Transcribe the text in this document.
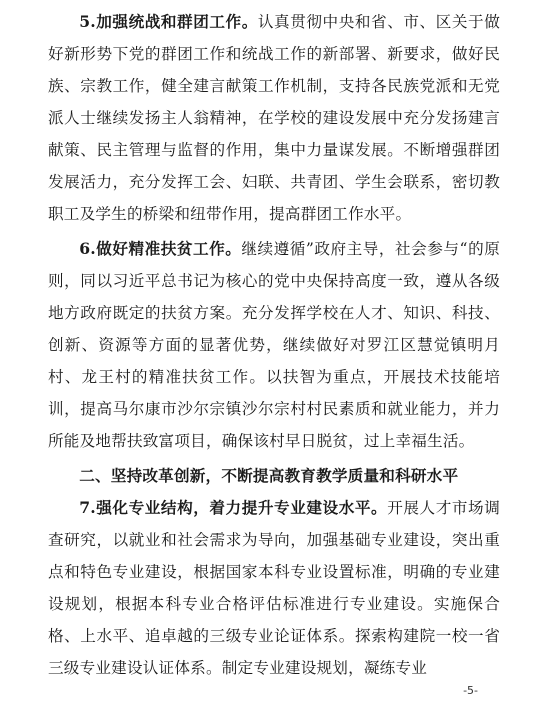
5.加强统战和群团工作。认真贯彻中央和省、市、区关于做好新形势下党的群团工作和统战工作的新部署、新要求，做好民族、宗教工作，健全建言献策工作机制，支持各民族党派和无党派人士继续发扬主人翁精神，在学校的建设发展中充分发扬建言献策、民主管理与监督的作用，集中力量谋发展。不断增强群团发展活力，充分发挥工会、妇联、共青团、学生会联系，密切教职工及学生的桥梁和纽带作用，提高群团工作水平。

6.做好精准扶贫工作。继续遵循”政府主导，社会参与“的原则，同以习近平总书记为核心的党中央保持高度一致，遵从各级地方政府既定的扶贫方案。充分发挥学校在人才、知识、科技、创新、资源等方面的显著优势，继续做好对罗江区慧觉镇明月村、龙王村的精准扶贫工作。以扶智为重点，开展技术技能培训，提高马尔康市沙尔宗镇沙尔宗村村民素质和就业能力，并力所能及地帮扶致富项目，确保该村早日脱贫，过上幸福生活。

二、坚持改革创新，不断提高教育教学质量和科研水平

7.强化专业结构，着力提升专业建设水平。开展人才市场调查研究，以就业和社会需求为导向，加强基础专业建设，突出重点和特色专业建设，根据国家本科专业设置标准，明确的专业建设规划，根据本科专业合格评估标准进行专业建设。实施保合格、上水平、追卓越的三级专业论证体系。探索构建院一校一省三级专业建设认证体系。制定专业建设规划，凝练专业

-5-
